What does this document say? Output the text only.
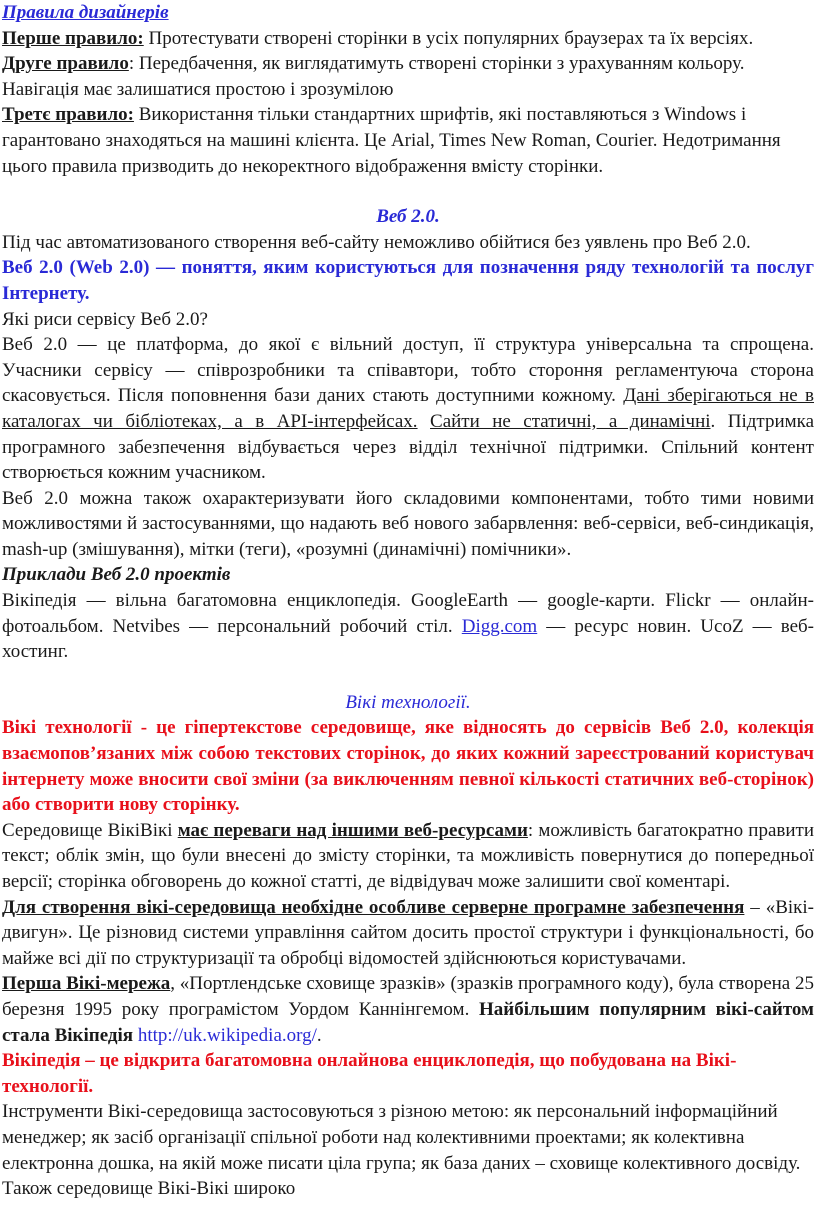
Правила дизайнерів

Перше правило: Протестувати створені сторінки в усіх популярних браузерах та їх версіях.

Друге правило: Передбачення, як виглядатимуть створені сторінки з урахуванням кольору. Навігація має залишатися простою і зрозумілою

Третє правило: Використання тільки стандартних шрифтів, які поставляються з Windows і гарантовано знаходяться на машині клієнта. Це Arial, Times New Roman, Courier. Недотримання цього правила призводить до некоректного відображення вмісту сторінки.

Веб 2.0.

Під час автоматизованого створення веб-сайту неможливо обійтися без уявлень про Веб 2.0.

Веб 2.0 (Web 2.0) — поняття, яким користуються для позначення ряду технологій та послуг Інтернету.

Які риси сервісу Веб 2.0?

Веб 2.0 — це платформа, до якої є вільний доступ, її структура універсальна та спрощена. Учасники сервісу — співрозробники та співавтори, тобто стороння регламентуюча сторона скасовується. Після поповнення бази даних стають доступними кожному. Дані зберігаються не в каталогах чи бібліотеках, а в API-інтерфейсах. Сайти не статичні, а динамічні. Підтримка програмного забезпечення відбувається через відділ технічної підтримки. Спільний контент створюється кожним учасником.

Веб 2.0 можна також охарактеризувати його складовими компонентами, тобто тими новими можливостями й застосуваннями, що надають веб нового забарвлення: веб-сервіси, веб-синдикація, mash-up (змішування), мітки (теги), «розумні (динамічні) помічники».

Приклади Веб 2.0 проектів

Вікіпедія — вільна багатомовна енциклопедія. GoogleEarth — google-карти. Flickr — онлайн-фотоальбом. Netvibes — персональний робочий стіл. Digg.com — ресурс новин. UcoZ — веб-хостинг.

Вікі технології.

Вікі технології - це гіпертекстове середовище, яке відносять до сервісів Веб 2.0, колекція взаємопов’язаних між собою текстових сторінок, до яких кожний зареєстрований користувач інтернету може вносити свої зміни (за виключенням певної кількості статичних веб-сторінок) або створити нову сторінку.

Середовище ВікіВікі має переваги над іншими веб-ресурсами: можливість багатократно правити текст; облік змін, що були внесені до змісту сторінки, та можливість повернутися до попередньої версії; сторінка обговорень до кожної статті, де відвідувач може залишити свої коментарі.

Для створення вікі-середовища необхідне особливе серверне програмне забезпечення – «Вікі-двигун». Це різновид системи управління сайтом досить простої структури і функціональності, бо майже всі дії по структуризації та обробці відомостей здійснюються користувачами.

Перша Вікі-мережа, «Портлендське сховище зразків» (зразків програмного коду), була створена 25 березня 1995 року програмістом Уордом Каннінгемом. Найбільшим популярним вікі-сайтом стала Вікіпедія http://uk.wikipedia.org/.

Вікіпедія – це відкрита багатомовна онлайнова енциклопедія, що побудована на Вікі-технології.

Інструменти Вікі-середовища застосовуються з різною метою: як персональний інформаційний менеджер; як засіб організації спільної роботи над колективними проектами; як колективна електронна дошка, на якій може писати ціла група; як база даних – сховище колективного досвіду. Також середовище Вікі-Вікі широко
